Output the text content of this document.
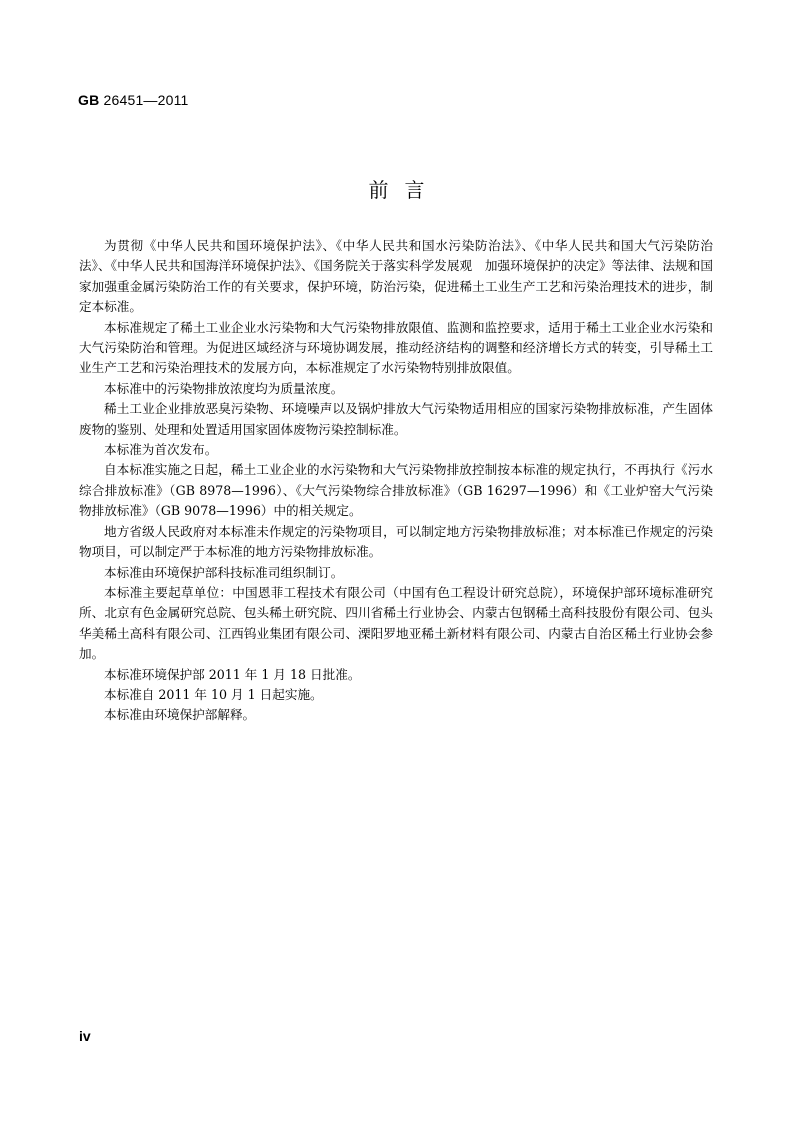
GB 26451—2011
前言

为贯彻《中华人民共和国环境保护法》、《中华人民共和国水污染防治法》、《中华人民共和国大气污染防治法》、《中华人民共和国海洋环境保护法》、《国务院关于落实科学发展观　加强环境保护的决定》等法律、法规和国家加强重金属污染防治工作的有关要求，保护环境，防治污染，促进稀土工业生产工艺和污染治理技术的进步，制定本标准。

本标准规定了稀土工业企业水污染物和大气污染物排放限值、监测和监控要求，适用于稀土工业企业水污染和大气污染防治和管理。为促进区域经济与环境协调发展，推动经济结构的调整和经济增长方式的转变，引导稀土工业生产工艺和污染治理技术的发展方向，本标准规定了水污染物特别排放限值。

本标准中的污染物排放浓度均为质量浓度。

稀土工业企业排放恶臭污染物、环境噪声以及锅炉排放大气污染物适用相应的国家污染物排放标准，产生固体废物的鉴别、处理和处置适用国家固体废物污染控制标准。

本标准为首次发布。

自本标准实施之日起，稀土工业企业的水污染物和大气污染物排放控制按本标准的规定执行，不再执行《污水综合排放标准》（GB 8978—1996）、《大气污染物综合排放标准》（GB 16297—1996）和《工业炉窑大气污染物排放标准》（GB 9078—1996）中的相关规定。

地方省级人民政府对本标准未作规定的污染物项目，可以制定地方污染物排放标准；对本标准已作规定的污染物项目，可以制定严于本标准的地方污染物排放标准。

本标准由环境保护部科技标准司组织制订。

本标准主要起草单位：中国恩菲工程技术有限公司（中国有色工程设计研究总院），环境保护部环境标准研究所、北京有色金属研究总院、包头稀土研究院、四川省稀土行业协会、内蒙古包钢稀土高科技股份有限公司、包头华美稀土高科有限公司、江西钨业集团有限公司、溧阳罗地亚稀土新材料有限公司、内蒙古自治区稀土行业协会参加。

本标准环境保护部 2011 年 1 月 18 日批准。

本标准自 2011 年 10 月 1 日起实施。

本标准由环境保护部解释。

iv
